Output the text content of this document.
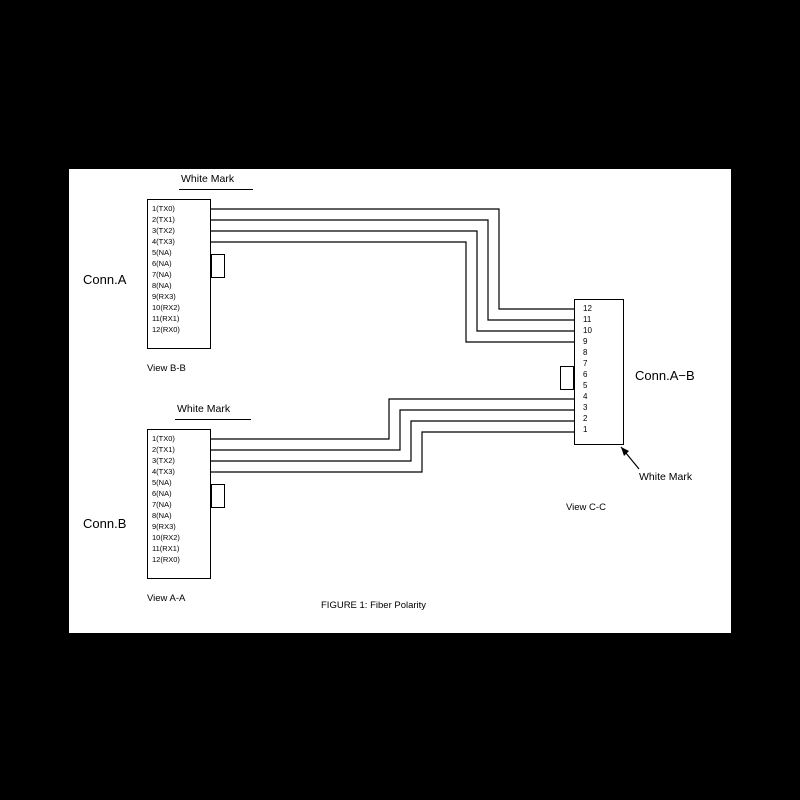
1(TX0)
2(TX1)
3(TX2)
4(TX3)
5(NA)
6(NA)
7(NA)
8(NA)
9(RX3)
10(RX2)
11(RX1)
12(RX0)
White Mark
Conn.A
View B-B
1(TX0)
2(TX1)
3(TX2)
4(TX3)
5(NA)
6(NA)
7(NA)
8(NA)
9(RX3)
10(RX2)
11(RX1)
12(RX0)
White Mark
Conn.B
View A-A
12
11
10
9
8
7
6
5
4
3
2
1
Conn.A−B
White Mark
View C-C
FIGURE 1: Fiber Polarity
